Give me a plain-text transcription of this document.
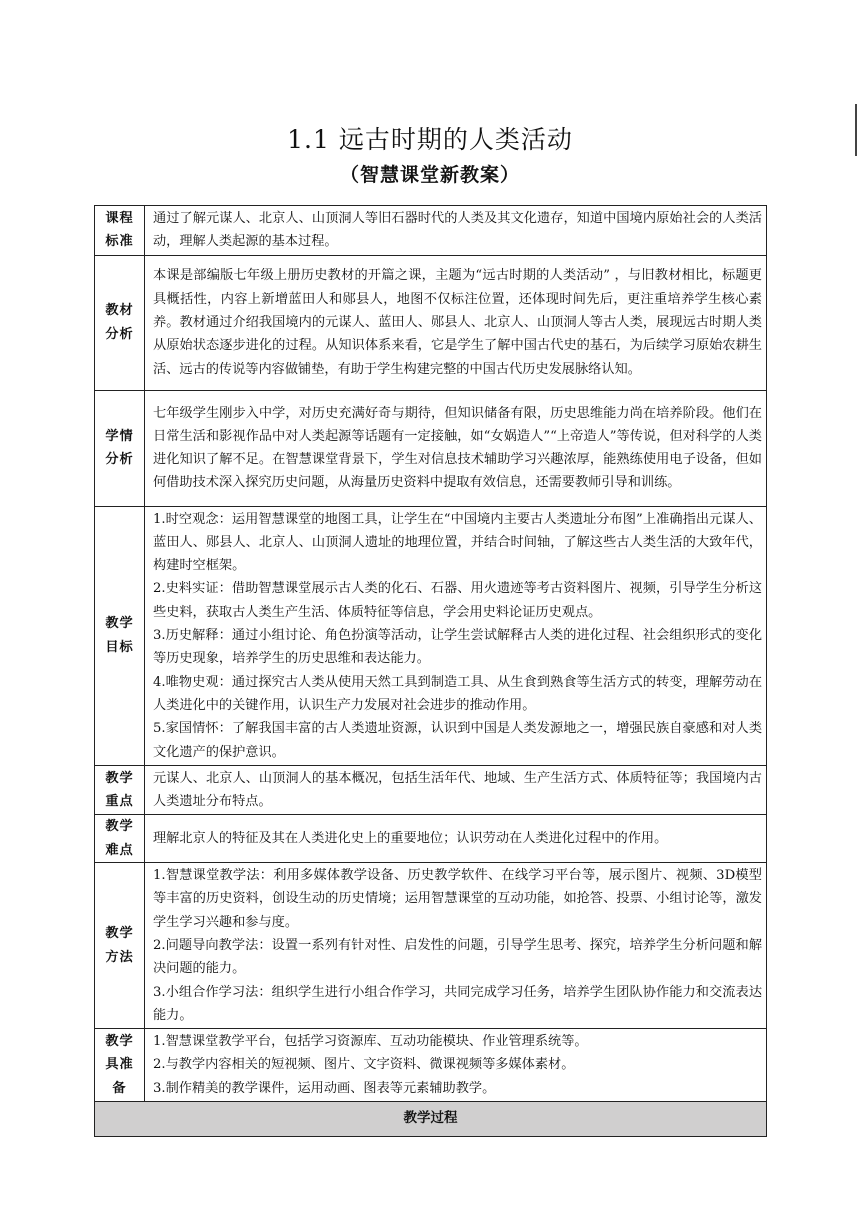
1.1 远古时期的人类活动
（智慧课堂新教案）
课程
标准	通过了解元谋人、北京人、山顶洞人等旧石器时代的人类及其文化遗存，知道中国境内原始社会的人类活动，理解人类起源的基本过程。

教材
分析	本课是部编版七年级上册历史教材的开篇之课，主题为“远古时期的人类活动” ，与旧教材相比，标题更具概括性，内容上新增蓝田人和郧县人，地图不仅标注位置，还体现时间先后，更注重培养学生核心素养。教材通过介绍我国境内的元谋人、蓝田人、郧县人、北京人、山顶洞人等古人类，展现远古时期人类从原始状态逐步进化的过程。从知识体系来看，它是学生了解中国古代史的基石，为后续学习原始农耕生活、远古的传说等内容做铺垫，有助于学生构建完整的中国古代历史发展脉络认知。

学情
分析	七年级学生刚步入中学，对历史充满好奇与期待，但知识储备有限，历史思维能力尚在培养阶段。他们在日常生活和影视作品中对人类起源等话题有一定接触，如“女娲造人”“上帝造人”等传说，但对科学的人类进化知识了解不足。在智慧课堂背景下，学生对信息技术辅助学习兴趣浓厚，能熟练使用电子设备，但如何借助技术深入探究历史问题，从海量历史资料中提取有效信息，还需要教师引导和训练。

教学
目标	1.时空观念：运用智慧课堂的地图工具，让学生在“中国境内主要古人类遗址分布图”上准确指出元谋人、蓝田人、郧县人、北京人、山顶洞人遗址的地理位置，并结合时间轴，了解这些古人类生活的大致年代，构建时空框架。
2.史料实证：借助智慧课堂展示古人类的化石、石器、用火遗迹等考古资料图片、视频，引导学生分析这些史料，获取古人类生产生活、体质特征等信息，学会用史料论证历史观点。
3.历史解释：通过小组讨论、角色扮演等活动，让学生尝试解释古人类的进化过程、社会组织形式的变化等历史现象，培养学生的历史思维和表达能力。
4.唯物史观：通过探究古人类从使用天然工具到制造工具、从生食到熟食等生活方式的转变，理解劳动在人类进化中的关键作用，认识生产力发展对社会进步的推动作用。
5.家国情怀：了解我国丰富的古人类遗址资源，认识到中国是人类发源地之一，增强民族自豪感和对人类文化遗产的保护意识。

教学
重点	元谋人、北京人、山顶洞人的基本概况，包括生活年代、地域、生产生活方式、体质特征等；我国境内古人类遗址分布特点。

教学
难点	理解北京人的特征及其在人类进化史上的重要地位；认识劳动在人类进化过程中的作用。

教学
方法	1.智慧课堂教学法：利用多媒体教学设备、历史教学软件、在线学习平台等，展示图片、视频、3D模型等丰富的历史资料，创设生动的历史情境；运用智慧课堂的互动功能，如抢答、投票、小组讨论等，激发学生学习兴趣和参与度。
2.问题导向教学法：设置一系列有针对性、启发性的问题，引导学生思考、探究，培养学生分析问题和解决问题的能力。
3.小组合作学习法：组织学生进行小组合作学习，共同完成学习任务，培养学生团队协作能力和交流表达能力。

教学
具准
备	1.智慧课堂教学平台，包括学习资源库、互动功能模块、作业管理系统等。
2.与教学内容相关的短视频、图片、文字资料、微课视频等多媒体素材。
3.制作精美的教学课件，运用动画、图表等元素辅助教学。

教学过程	
